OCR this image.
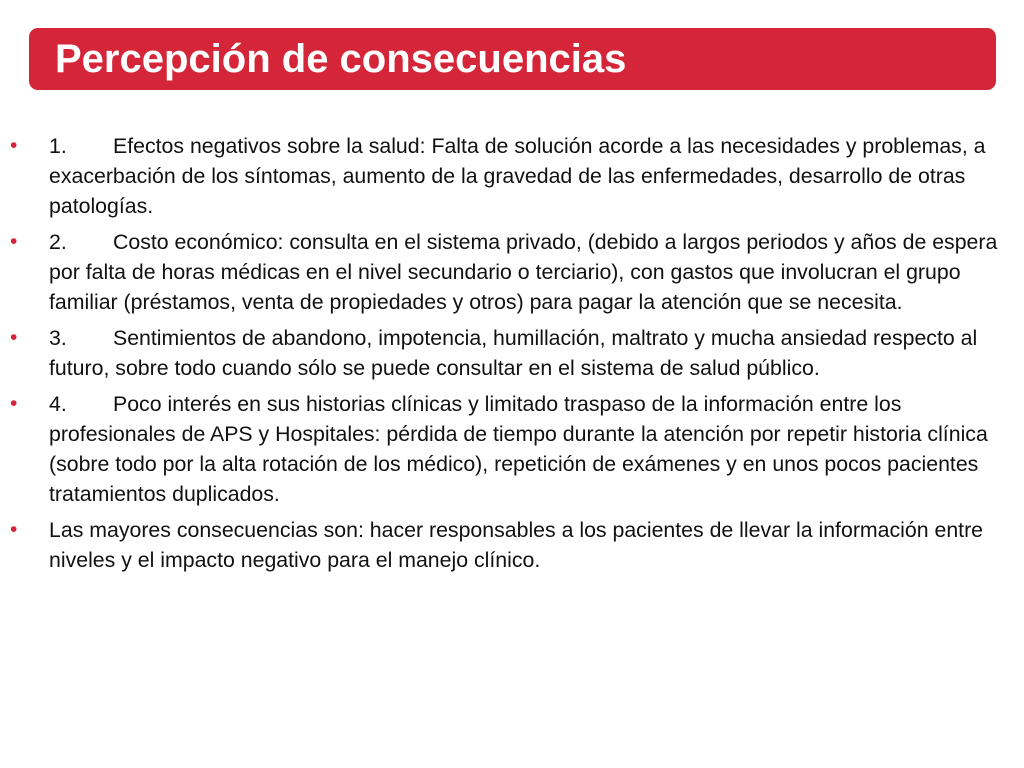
Percepción de consecuencias
•	1. Efectos negativos sobre la salud: Falta de solución acorde a las necesidades y problemas, a exacerbación de los síntomas, aumento de la gravedad de las enfermedades, desarrollo de otras patologías.
•	2. Costo económico: consulta en el sistema privado, (debido a largos periodos y años de espera por falta de horas médicas en el nivel secundario o terciario), con gastos que involucran el grupo familiar (préstamos, venta de propiedades y otros) para pagar la atención que se necesita.
•	3. Sentimientos de abandono, impotencia, humillación, maltrato y mucha ansiedad respecto al futuro, sobre todo cuando sólo se puede consultar en el sistema de salud público.
•	4. Poco interés en sus historias clínicas y limitado traspaso de la información entre los profesionales de APS y Hospitales: pérdida de tiempo durante la atención por repetir historia clínica (sobre todo por la alta rotación de los médico), repetición de exámenes y en unos pocos pacientes tratamientos duplicados.
•	Las mayores consecuencias son: hacer responsables a los pacientes de llevar la información entre niveles y el impacto negativo para el manejo clínico.
